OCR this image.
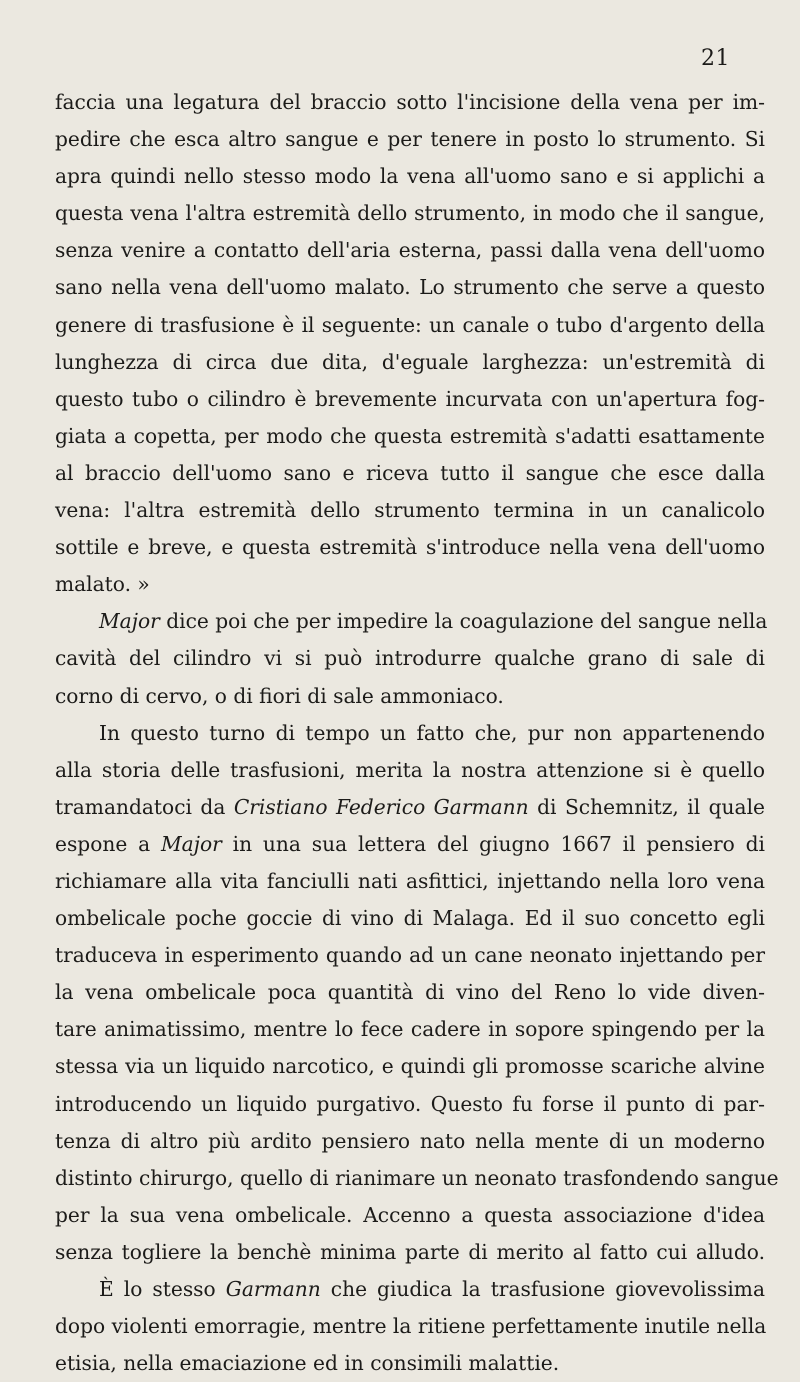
21
faccia una legatura del braccio sotto l'incisione della vena per im-
pedire che esca altro sangue e per tenere in posto lo strumento. Si
apra quindi nello stesso modo la vena all'uomo sano e si applichi a
questa vena l'altra estremità dello strumento, in modo che il sangue,
senza venire a contatto dell'aria esterna, passi dalla vena dell'uomo
sano nella vena dell'uomo malato. Lo strumento che serve a questo
genere di trasfusione è il seguente: un canale o tubo d'argento della
lunghezza di circa due dita, d'eguale larghezza: un'estremità di
questo tubo o cilindro è brevemente incurvata con un'apertura fog-
giata a copetta, per modo che questa estremità s'adatti esattamente
al braccio dell'uomo sano e riceva tutto il sangue che esce dalla
vena: l'altra estremità dello strumento termina in un canalicolo
sottile e breve, e questa estremità s'introduce nella vena dell'uomo
malato. »
Major dice poi che per impedire la coagulazione del sangue nella
cavità del cilindro vi si può introdurre qualche grano di sale di
corno di cervo, o di fiori di sale ammoniaco.
In questo turno di tempo un fatto che, pur non appartenendo
alla storia delle trasfusioni, merita la nostra attenzione si è quello
tramandatoci da Cristiano Federico Garmann di Schemnitz, il quale
espone a Major in una sua lettera del giugno 1667 il pensiero di
richiamare alla vita fanciulli nati asfittici, injettando nella loro vena
ombelicale poche goccie di vino di Malaga. Ed il suo concetto egli
traduceva in esperimento quando ad un cane neonato injettando per
la vena ombelicale poca quantità di vino del Reno lo vide diven-
tare animatissimo, mentre lo fece cadere in sopore spingendo per la
stessa via un liquido narcotico, e quindi gli promosse scariche alvine
introducendo un liquido purgativo. Questo fu forse il punto di par-
tenza di altro più ardito pensiero nato nella mente di un moderno
distinto chirurgo, quello di rianimare un neonato trasfondendo sangue
per la sua vena ombelicale. Accenno a questa associazione d'idea
senza togliere la benchè minima parte di merito al fatto cui alludo.
È lo stesso Garmann che giudica la trasfusione giovevolissima
dopo violenti emorragie, mentre la ritiene perfettamente inutile nella
etisia, nella emaciazione ed in consimili malattie.
